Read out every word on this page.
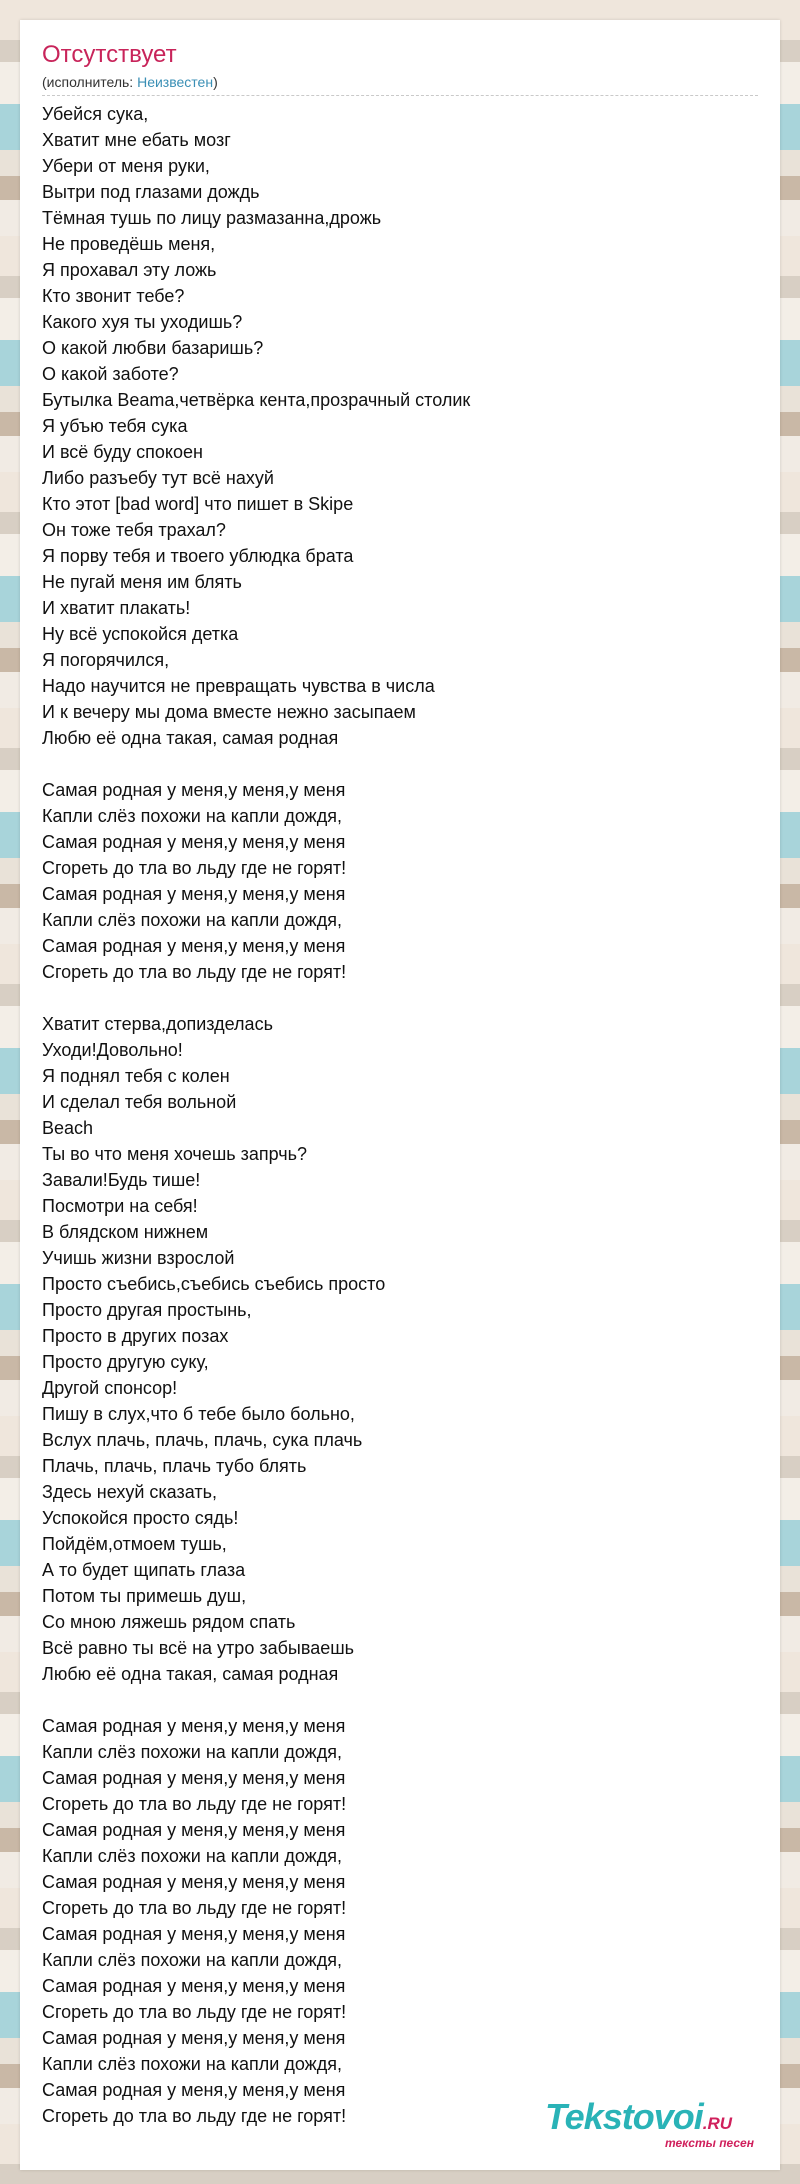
Отсутствует
(исполнитель: Неизвестен)
Убейся сука,
Хватит мне ебать мозг
Убери от меня руки,
Вытри под глазами дождь
Тёмная тушь по лицу размазанна,дрожь
Не проведёшь меня,
Я прохавал эту ложь
Кто звонит тебе?
Какого хуя ты уходишь?
О какой любви базаришь?
О какой заботе?
Бутылка Beama,четвёрка кента,прозрачный столик
Я убъю тебя сука
И всё буду спокоен
Либо разъебу тут всё нахуй
Кто этот [bad word] что пишет в Skipe
Он тоже тебя трахал?
Я порву тебя и твоего ублюдка брата
Не пугай меня им блять
И хватит плакать!
Ну всё успокойся детка
Я погорячился,
Надо научится не превращать чувства в числа
И к вечеру мы дома вместе нежно засыпаем
Любю её одна такая, самая родная

Самая родная у меня,у меня,у меня
Капли слёз похожи на капли дождя,
Самая родная у меня,у меня,у меня
Сгореть до тла во льду где не горят!
Самая родная у меня,у меня,у меня
Капли слёз похожи на капли дождя,
Самая родная у меня,у меня,у меня
Сгореть до тла во льду где не горят!

Хватит стерва,допизделась
Уходи!Довольно!
Я поднял тебя с колен
И сделал тебя вольной
Beach
Ты во что меня хочешь запрчь?
Завали!Будь тише!
Посмотри на себя!
В блядском нижнем
Учишь жизни взрослой
Просто съебись,съебись съебись просто
Просто другая простынь,
Просто в других позах
Просто другую суку,
Другой спонсор!
Пишу в слух,что б тебе было больно,
Вслух плачь, плачь, плачь, сука плачь
Плачь, плачь, плачь тубо блять
Здесь нехуй сказать,
Успокойся просто сядь!
Пойдём,отмоем тушь,
А то будет щипать глаза
Потом ты примешь душ,
Со мною ляжешь рядом спать
Всё равно ты всё на утро забываешь
Любю её одна такая, самая родная

Самая родная у меня,у меня,у меня
Капли слёз похожи на капли дождя,
Самая родная у меня,у меня,у меня
Сгореть до тла во льду где не горят!
Самая родная у меня,у меня,у меня
Капли слёз похожи на капли дождя,
Самая родная у меня,у меня,у меня
Сгореть до тла во льду где не горят!
Самая родная у меня,у меня,у меня
Капли слёз похожи на капли дождя,
Самая родная у меня,у меня,у меня
Сгореть до тла во льду где не горят!
Самая родная у меня,у меня,у меня
Капли слёз похожи на капли дождя,
Самая родная у меня,у меня,у меня
Сгореть до тла во льду где не горят!	Tekstovoi.RU
тексты песен
